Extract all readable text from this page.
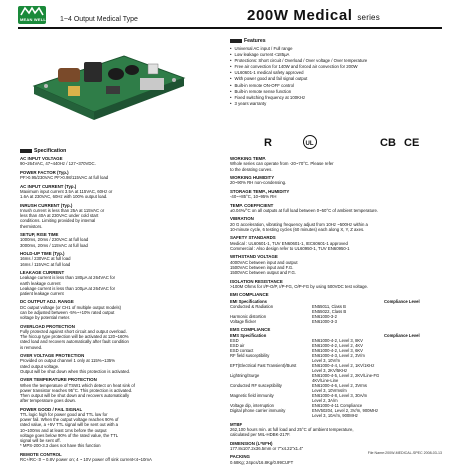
MEAN WELL	1~4 Output Medical Type	200W Medical series
Features
• Universal AC input / Full range
• Low leakage current <185μA
• Protections: Short circuit / Overload / Over voltage / Over temperature
• Free air convection for 140W and forced air convection for 200W
• UL60601-1 medical safety approved
• With power good and fail signal output
• Built-in remote ON-OFF control
• Built-in remote sense function
• Fixed switching frequency at 100KHz
• 3 years warranty
R	UL	CB CE
Specification
AC INPUT VOLTAGE
90~264VAC, 47~440Hz / 127~370VDC.
POWER FACTOR (Typ.)
PF>0.95/230VAC PF>0.98/115VAC at full load
AC INPUT CURRENT (Typ.)
Maximum input current 3.5A at 115VAC, 60Hz or
1.6A at 230VAC, 60Hz with 100% output load.
INRUSH CURRENT (Typ.)
Inrush current is less than 25A at 115VAC or
less than 40A at 230VAC under cold start
conditions. Limiting provided by internal
thermistors.
SETUP, RISE TIME
1000ms, 20ms / 230VAC at full load
3000ms, 20ms / 115VAC at full load
HOLD-UP TIME (Typ.)
16ms / 230VAC at full load
16ms / 115VAC at full load
LEAKAGE CURRENT
Leakage current is less than 180μA at 264VAC for
earth leakage current
Leakage current is less than 100μA at 264VAC for
patient leakage current
DC OUTPUT ADJ. RANGE
DC output voltage (or CH1 of multiple output models)
can be adjusted between -5%~+10% rated output
voltage by potential meter.
OVERLOAD PROTECTION
Fully protected against short circuit and output overload.
The hiccup type protection will be activated at 120~160%
rated load and recovers automatically after fault condition
is removed.
OVER VOLTAGE PROTECTION
Provided on output channel 1 only at 115%~135%
rated output voltage.
Output will be shut down when this protection is activated.
OVER TEMPERATURE PROTECTION
When the temperature of TSW1 which detect on heat sink of
power transistor reaches 95°C. This protection is activated.
Then output will be shut down and recovers automatically
after temperature goes down.
POWER GOOD / FAIL SIGNAL
TTL logic high for power good and TTL low for
power fail. When the output voltage reaches 90% of
rated value, a +5V TTL signal will be sent out with a
10~100ms and at least 1ms before the output
voltage goes below 90% of the rated value, the TTL
signal will be sent off.
* MPS-200-3.3 does not have this function
REMOTE CONTROL
RC+/RC-:0 ~ 0.8V power on; 4 ~ 10V power off sink current<4~10mA
WORKING TEMP.
Whole series can operate from -20~70°C. Please refer
to the derating curves.
WORKING HUMIDITY
20~90% RH non-condensing.
STORAGE TEMP., HUMIDITY
-40~+85°C, 10~95% RH
TEMP. COEFFICIENT
±0.04%/°C on all outputs at full load between 0~50°C of ambient temperature.
VIBRATION
20 G acceleration, vibrating frequency adjust from 10Hz ~500Hz within a
10-minute cycle, 6 testing cycles (60 minutes) each along X, Y, Z axes.
SAFETY STANDARDS
Medical : UL60601-1, TUV EN60601-1, IEC60601-1 approved
Commercial : Also design refer to UL60950-1, TUV EN60950-1
WITHSTAND VOLTAGE
4000VAC between input and output
1500VAC between input and F.G.
1500VAC between output and F.G.
ISOLATION RESISTANCE
>100M Ohms for I/P-O/P, I/P-FG, O/P-FG by using 500VDC test voltage.
EMI COMPLIANCE
EMI Specifications		Compliance Level
Conducted & Radiation	EN55011, Class B	
	EN55022, Class B	
Harmonic distortion	EN61000-3-2	
Voltage flicker	EN61000-3-3	
EMS COMPLIANCE
EMS Specification		Compliance Level
ESD	EN61000-4-2, Level 3, 8KV	
ESD air	EN61000-4-2, Level 2, 4KV	
ESD contact	EN61000-4-2, Level 3, 6KV	
RF field susceptibility	EN61000-4-3, Level 2, 3V/m	
	Level 3, 10V/m	
EFT(Electrical Fast Transient)/Burst	EN61000-4-4, Level 2, 1KV/1KHz	
	Level 3, 2KV/5KHz	
Lightning/Surge	EN61000-4-5, Level 2, 2KV/Line-FG	
	4KV/Line-Line	
Conducted RF susceptibility	EN61000-4-6, Level 2, 3Vrms	
	Level 3, 10Vrms/m	
Magnetic field immunity	EN61000-4-8, Level 3, 30A/m	
	Level 2, 3A/m	
Voltage dip, interruption	EN61000-4-11 Compliance	
Digital phone carrier immunity	ENV50204, Level 2, 3V/m, 900MHz	
	Level 3, 10A/m, 900MHz	
MTBF
262,100 hours min. at full load and 25°C of ambient temperature,
calculated per MIL-HDBK-217F.
DIMENSION (L*W*H)
177.8x107.2x36.5mm or 7"x4.22"x1.4"
PACKING
0.68Kg; 24pcs/16.8Kg/0.99CUFT
File Name:200W-MEDICAL-SPEC 2008-03-13
